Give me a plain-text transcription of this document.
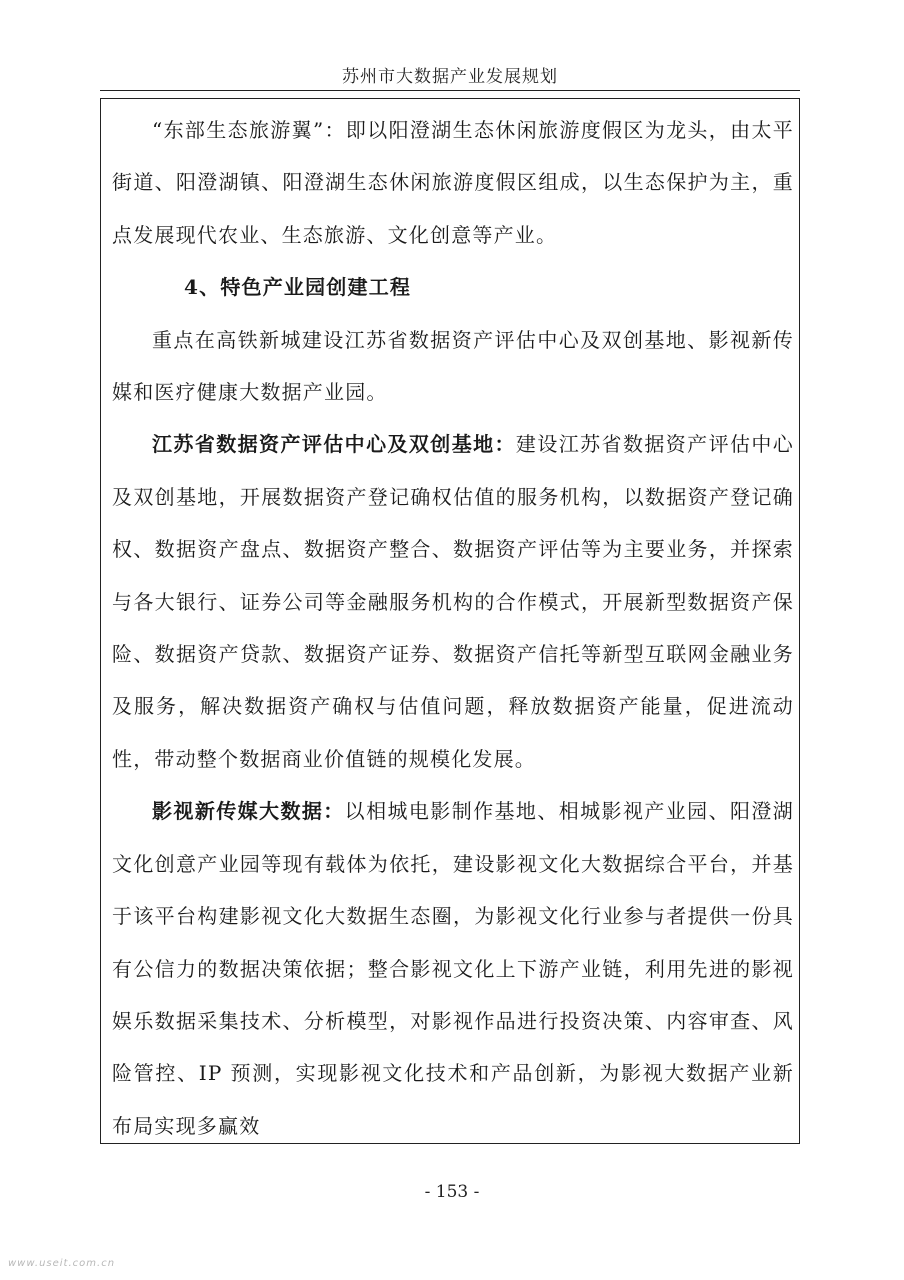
苏州市大数据产业发展规划

“东部生态旅游翼”：即以阳澄湖生态休闲旅游度假区为龙头，由太平街道、阳澄湖镇、阳澄湖生态休闲旅游度假区组成，以生态保护为主，重点发展现代农业、生态旅游、文化创意等产业。

4、特色产业园创建工程

重点在高铁新城建设江苏省数据资产评估中心及双创基地、影视新传媒和医疗健康大数据产业园。

江苏省数据资产评估中心及双创基地：建设江苏省数据资产评估中心及双创基地，开展数据资产登记确权估值的服务机构，以数据资产登记确权、数据资产盘点、数据资产整合、数据资产评估等为主要业务，并探索与各大银行、证券公司等金融服务机构的合作模式，开展新型数据资产保险、数据资产贷款、数据资产证券、数据资产信托等新型互联网金融业务及服务，解决数据资产确权与估值问题，释放数据资产能量，促进流动性，带动整个数据商业价值链的规模化发展。

影视新传媒大数据：以相城电影制作基地、相城影视产业园、阳澄湖文化创意产业园等现有载体为依托，建设影视文化大数据综合平台，并基于该平台构建影视文化大数据生态圈，为影视文化行业参与者提供一份具有公信力的数据决策依据；整合影视文化上下游产业链，利用先进的影视娱乐数据采集技术、分析模型，对影视作品进行投资决策、内容审查、风险管控、IP 预测，实现影视文化技术和产品创新，为影视大数据产业新布局实现多赢效

- 153 -
www.useit.com.cn
